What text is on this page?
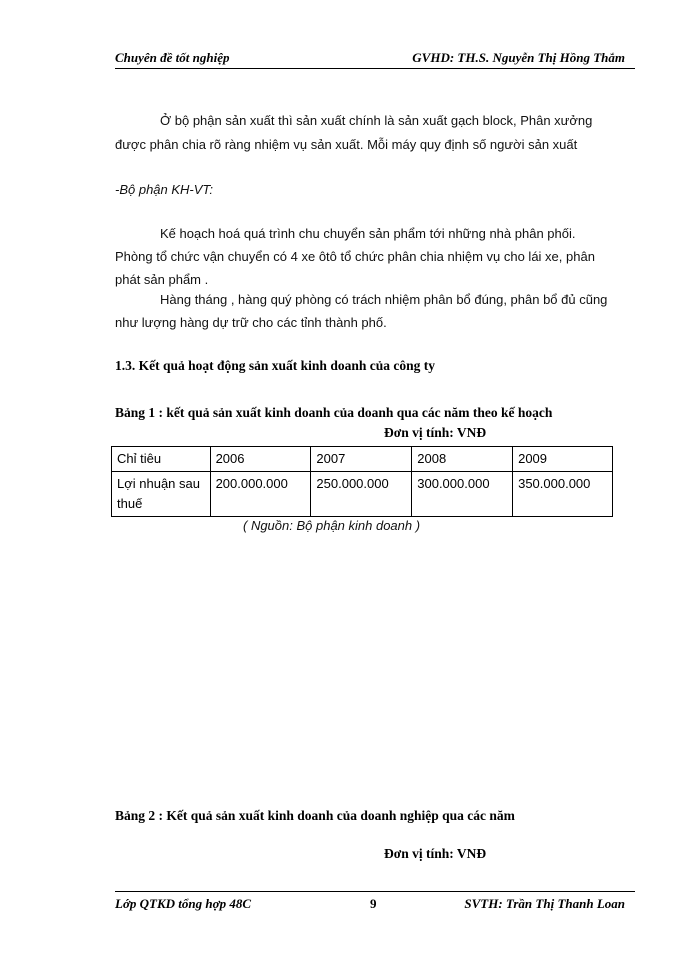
Chuyên đề tốt nghiệp	GVHD: TH.S. Nguyễn Thị Hồng Thắm
Ở bộ phận sản xuất thì sản xuất chính là sản xuất gạch block, Phân xưởng
được phân chia rõ ràng nhiệm vụ sản xuất. Mỗi máy quy định số người sản xuất
-Bộ phận KH-VT:
Kế hoạch hoá quá trình chu chuyển sản phẩm tới những nhà phân phối.
Phòng tổ chức vận chuyển có 4 xe ôtô tổ chức phân chia nhiệm vụ cho lái xe, phân
phát sản phẩm .
Hàng tháng , hàng quý phòng có trách nhiệm phân bổ đúng, phân bổ đủ cũng
như lượng hàng dự trữ cho các tỉnh thành phố.
1.3. Kết quả hoạt động sản xuất kinh doanh của công ty
Bảng 1 : kết quả sản xuất kinh doanh của doanh qua các năm theo kế hoạch
Đơn vị tính: VNĐ
Chỉ tiêu	2006	2007	2008	2009

Lợi nhuận sau
thuế	200.000.000	250.000.000	300.000.000	350.000.000
( Nguồn: Bộ phận kinh doanh )
Bảng 2 : Kết quả sản xuất kinh doanh của doanh nghiệp qua các năm
Đơn vị tính: VNĐ
Lớp QTKD tổng hợp 48C	9	SVTH: Trần Thị Thanh Loan
